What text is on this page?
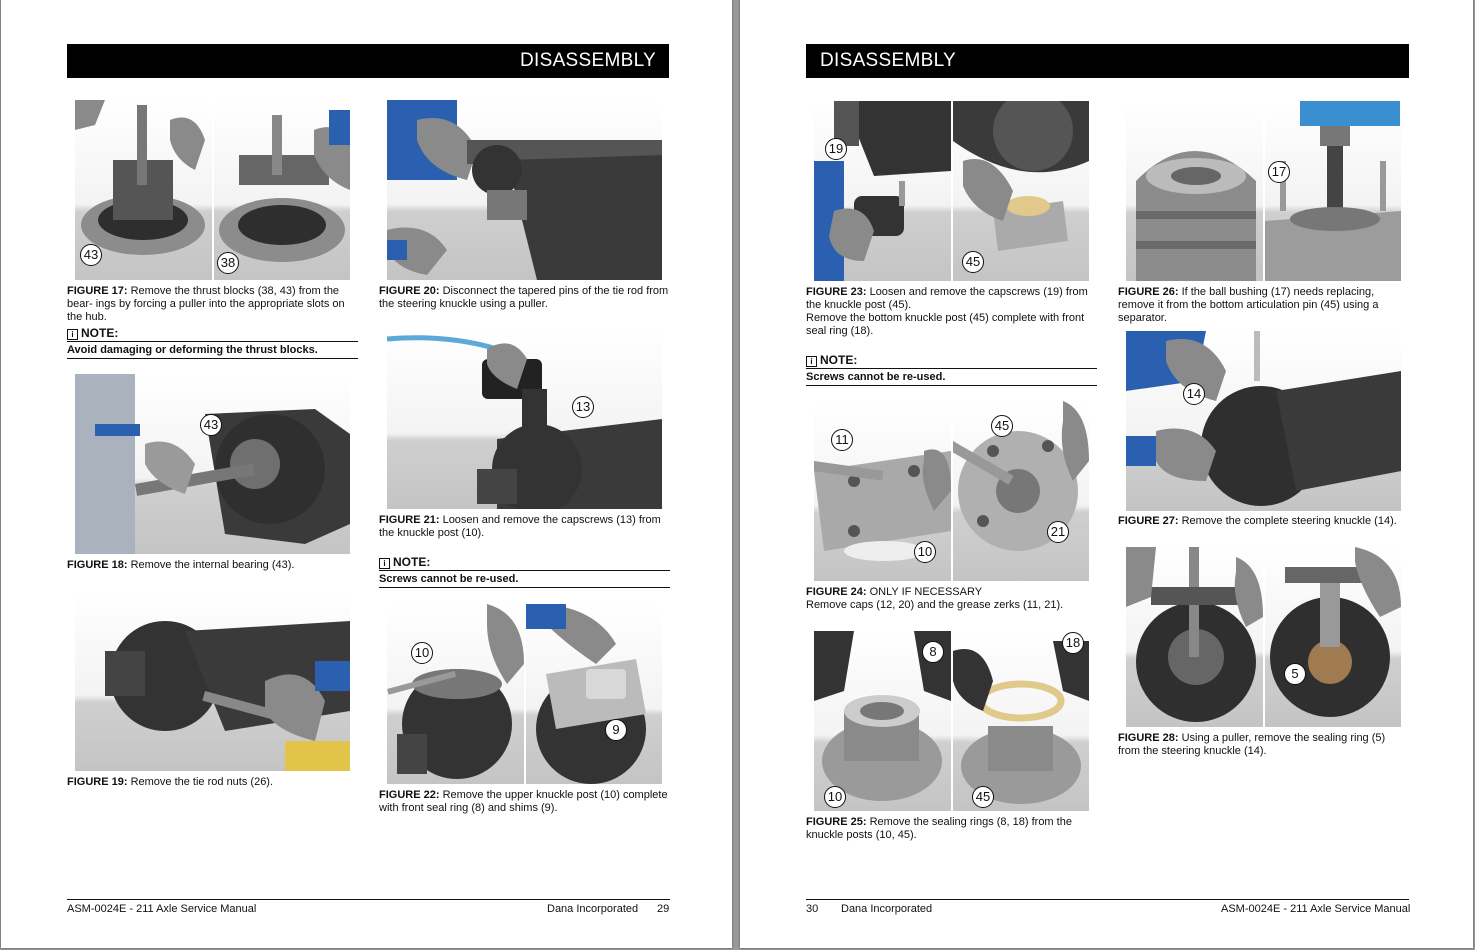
DISASSEMBLY
43
38
FIGURE 17: Remove the thrust blocks (38, 43) from the bear- ings by forcing a puller into the appropriate slots on the hub.
i NOTE:
Avoid damaging or deforming the thrust blocks.
43
FIGURE 18: Remove the internal bearing (43).
FIGURE 19: Remove the tie rod nuts (26).
FIGURE 20: Disconnect the tapered pins of the tie rod from the steering knuckle using a puller.
13
FIGURE 21: Loosen and remove the capscrews (13) from the knuckle post (10).
i NOTE:
Screws cannot be re-used.
10
9
FIGURE 22: Remove the upper knuckle post (10) complete with front seal ring (8) and shims (9).
ASM-0024E - 211 Axle Service Manual	Dana Incorporated 29
DISASSEMBLY
19
45
FIGURE 23: Loosen and remove the capscrews (19) from the knuckle post (45).
Remove the bottom knuckle post (45) complete with front seal ring (18).
i NOTE:
Screws cannot be re-used.
11
10
45
21
FIGURE 24: ONLY IF NECESSARY
Remove caps (12, 20) and the grease zerks (11, 21).
8
10
18
45
FIGURE 25: Remove the sealing rings (8, 18) from the knuckle posts (10, 45).
17
FIGURE 26: If the ball bushing (17) needs replacing, remove it from the bottom articulation pin (45) using a separator.
14
FIGURE 27: Remove the complete steering knuckle (14).
5
FIGURE 28: Using a puller, remove the sealing ring (5) from the steering knuckle (14).
30 Dana Incorporated	ASM-0024E - 211 Axle Service Manual
